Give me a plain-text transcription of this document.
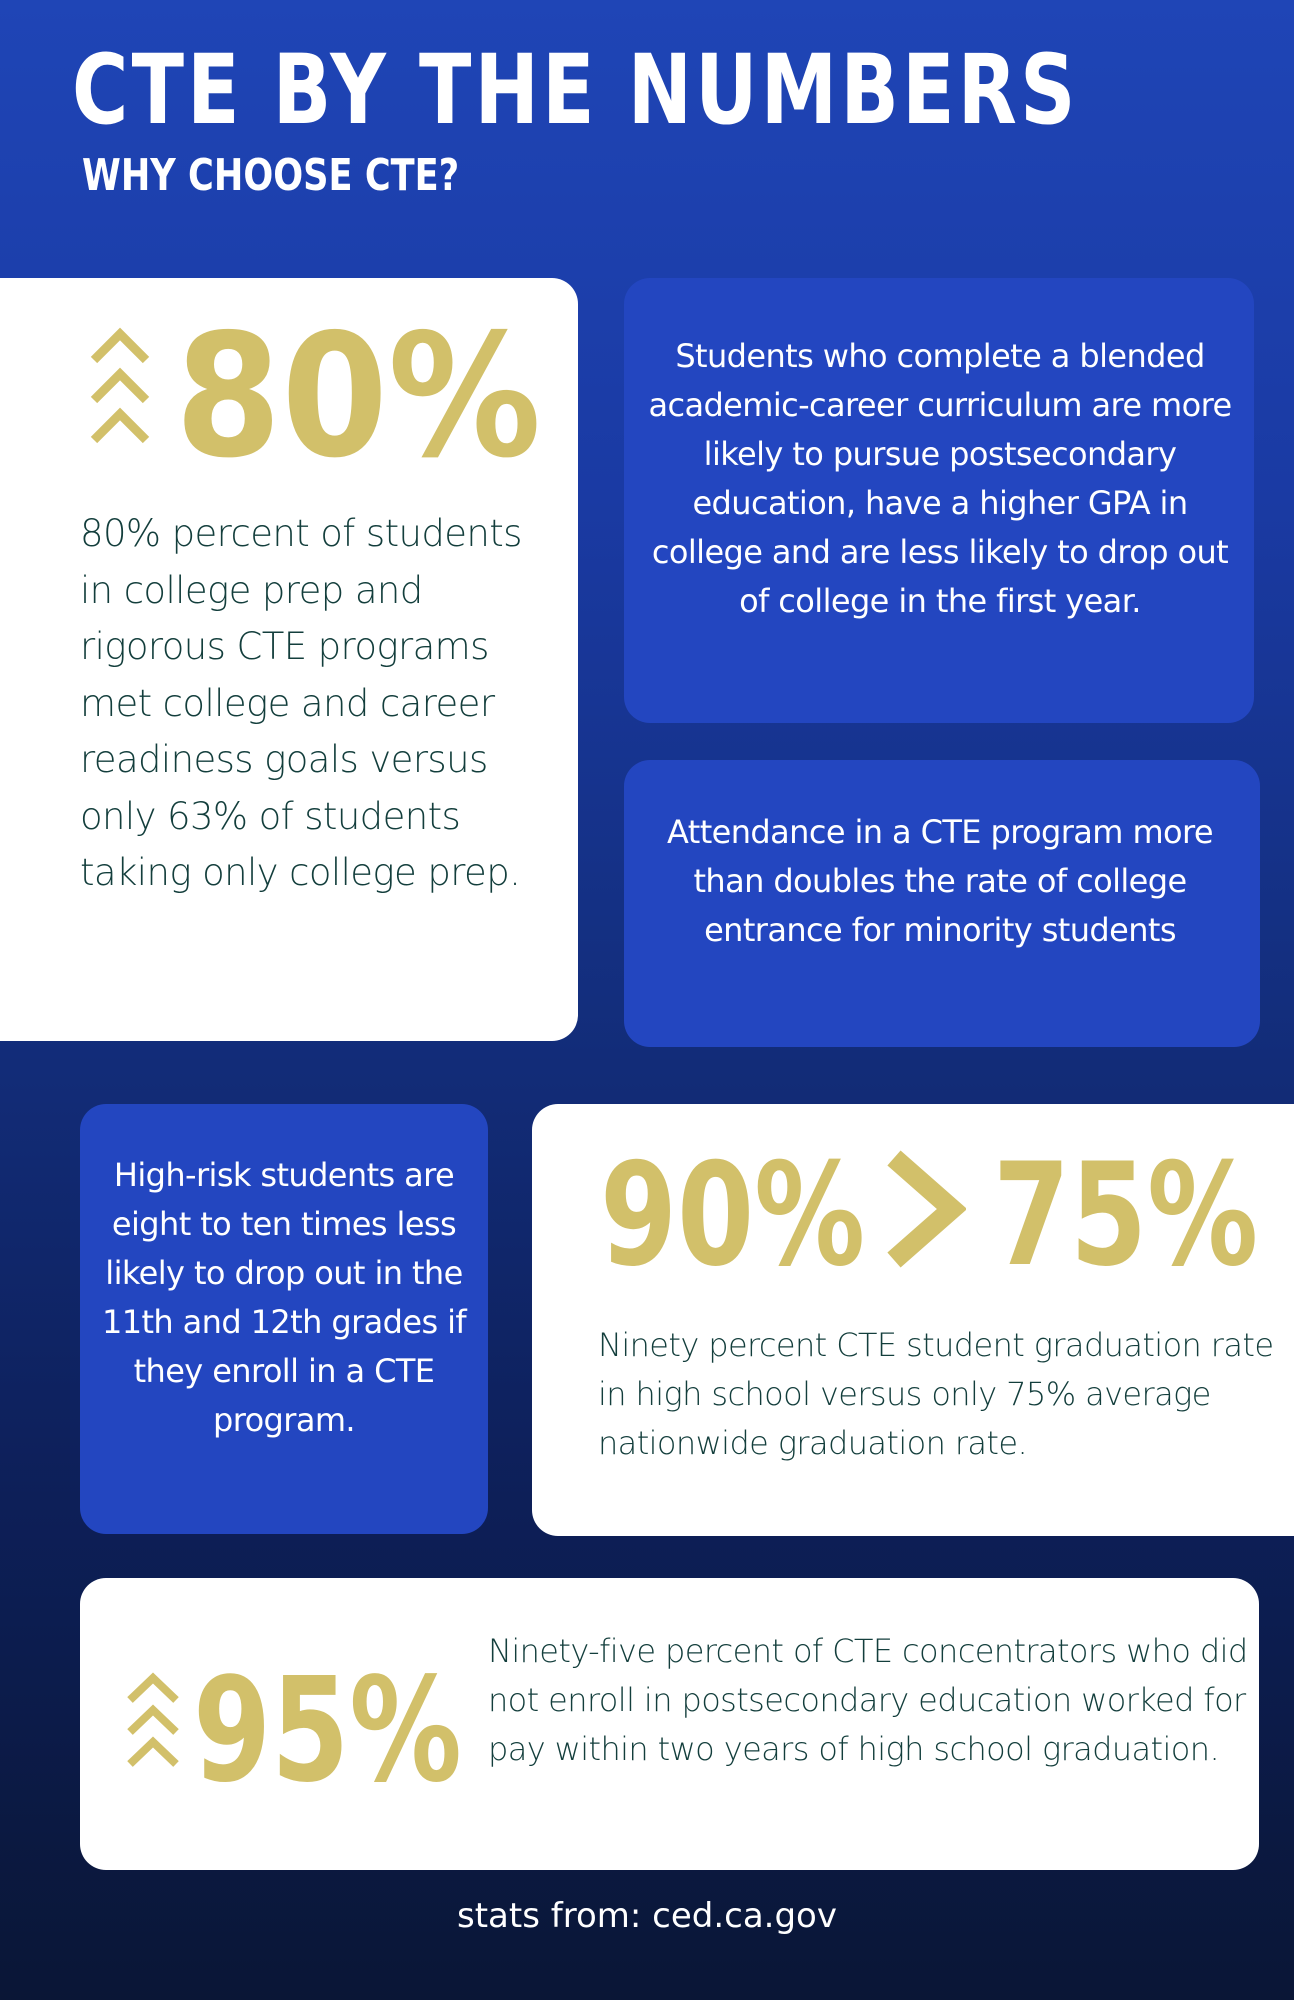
CTE BY THE NUMBERS
WHY CHOOSE CTE?

80%

80% percent of students in college prep and rigorous CTE programs met college and career readiness goals versus only 63% of students taking only college prep.

Students who complete a blended academic-career curriculum are more likely to pursue postsecondary education, have a higher GPA in college and are less likely to drop out of college in the first year.

Attendance in a CTE program more than doubles the rate of college entrance for minority students

High-risk students are eight to ten times less likely to drop out in the 11th and 12th grades if they enroll in a CTE program.

90% 75%

Ninety percent CTE student graduation rate in high school versus only 75% average nationwide graduation rate.

95% Ninety-five percent of CTE concentrators who did not enroll in postsecondary education worked for pay within two years of high school graduation.

stats from: ced.ca.gov
